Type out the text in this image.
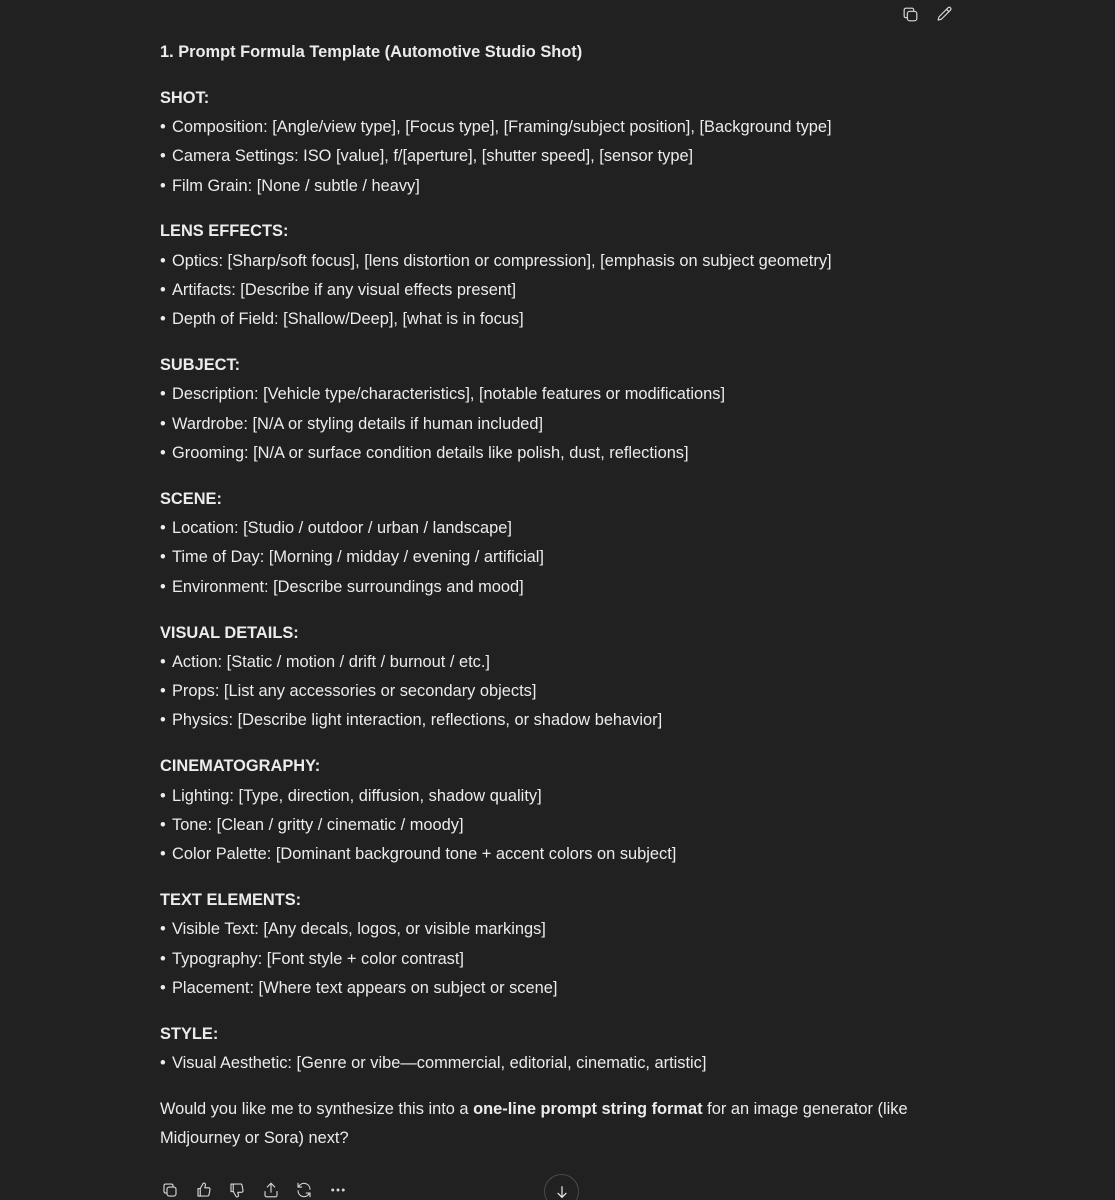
1. Prompt Formula Template (Automotive Studio Shot)

SHOT:

• Composition: [Angle/view type], [Focus type], [Framing/subject position], [Background type]

• Camera Settings: ISO [value], f/[aperture], [shutter speed], [sensor type]

• Film Grain: [None / subtle / heavy]

LENS EFFECTS:

• Optics: [Sharp/soft focus], [lens distortion or compression], [emphasis on subject geometry]

• Artifacts: [Describe if any visual effects present]

• Depth of Field: [Shallow/Deep], [what is in focus]

SUBJECT:

• Description: [Vehicle type/characteristics], [notable features or modifications]

• Wardrobe: [N/A or styling details if human included]

• Grooming: [N/A or surface condition details like polish, dust, reflections]

SCENE:

• Location: [Studio / outdoor / urban / landscape]

• Time of Day: [Morning / midday / evening / artificial]

• Environment: [Describe surroundings and mood]

VISUAL DETAILS:

• Action: [Static / motion / drift / burnout / etc.]

• Props: [List any accessories or secondary objects]

• Physics: [Describe light interaction, reflections, or shadow behavior]

CINEMATOGRAPHY:

• Lighting: [Type, direction, diffusion, shadow quality]

• Tone: [Clean / gritty / cinematic / moody]

• Color Palette: [Dominant background tone + accent colors on subject]

TEXT ELEMENTS:

• Visible Text: [Any decals, logos, or visible markings]

• Typography: [Font style + color contrast]

• Placement: [Where text appears on subject or scene]

STYLE:

• Visual Aesthetic: [Genre or vibe—commercial, editorial, cinematic, artistic]

Would you like me to synthesize this into a one-line prompt string format for an image generator (like Midjourney or Sora) next?
